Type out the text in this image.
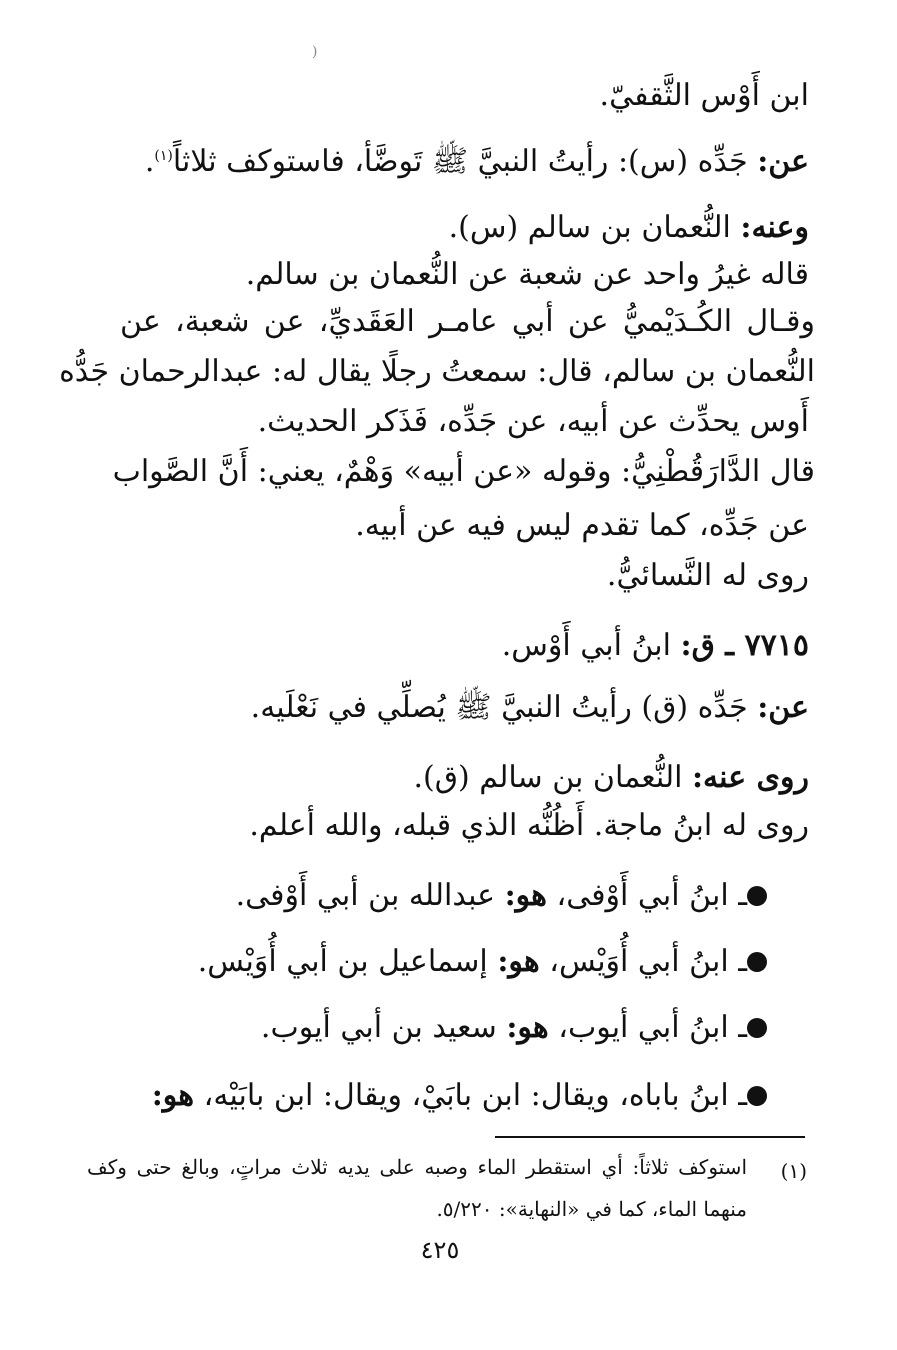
)
ابن أَوْس الثَّقفيّ.
عن: جَدِّه (س): رأيتُ النبيَّ ﷺ تَوضَّأ، فاستوكف ثلاثاً$^{(١)}$.
وعنه: النُّعمان بن سالم (س).
قاله غيرُ واحد عن شعبة عن النُّعمان بن سالم.
وقـال الكُـدَيْميُّ عن أبي عامـر العَقَديِّ، عن شعبة، عن
النُّعمان بن سالم، قال: سمعتُ رجلًا يقال له: عبدالرحمان جَدُّه
أَوس يحدِّث عن أبيه، عن جَدِّه، فَذَكر الحديث.
قال الدَّارَقُطْنِيُّ: وقوله «عن أبيه» وَهْمٌ، يعني: أَنَّ الصَّواب
عن جَدِّه، كما تقدم ليس فيه عن أبيه.
روى له النَّسائيُّ.
٧٧١٥ ـ ق: ابنُ أبي أَوْس.
عن: جَدِّه (ق) رأيتُ النبيَّ ﷺ يُصلِّي في نَعْلَيه.
روى عنه: النُّعمان بن سالم (ق).
روى له ابنُ ماجة. أَظُنُّه الذي قبله، والله أعلم.
ـ ابنُ أبي أَوْفى، هو: عبدالله بن أبي أَوْفى.
ـ ابنُ أبي أُوَيْس، هو: إسماعيل بن أبي أُوَيْس.
ـ ابنُ أبي أيوب، هو: سعيد بن أبي أيوب.
ـ ابنُ باباه، ويقال: ابن بابَيْ، ويقال: ابن بابَيْه، هو:
(١)
استوكف ثلاثاً: أي استقطر الماء وصبه على يديه ثلاث مراتٍ، وبالغ حتى وكف
منهما الماء، كما في «النهاية»: ٥/٢٢٠.
٤٢٥
